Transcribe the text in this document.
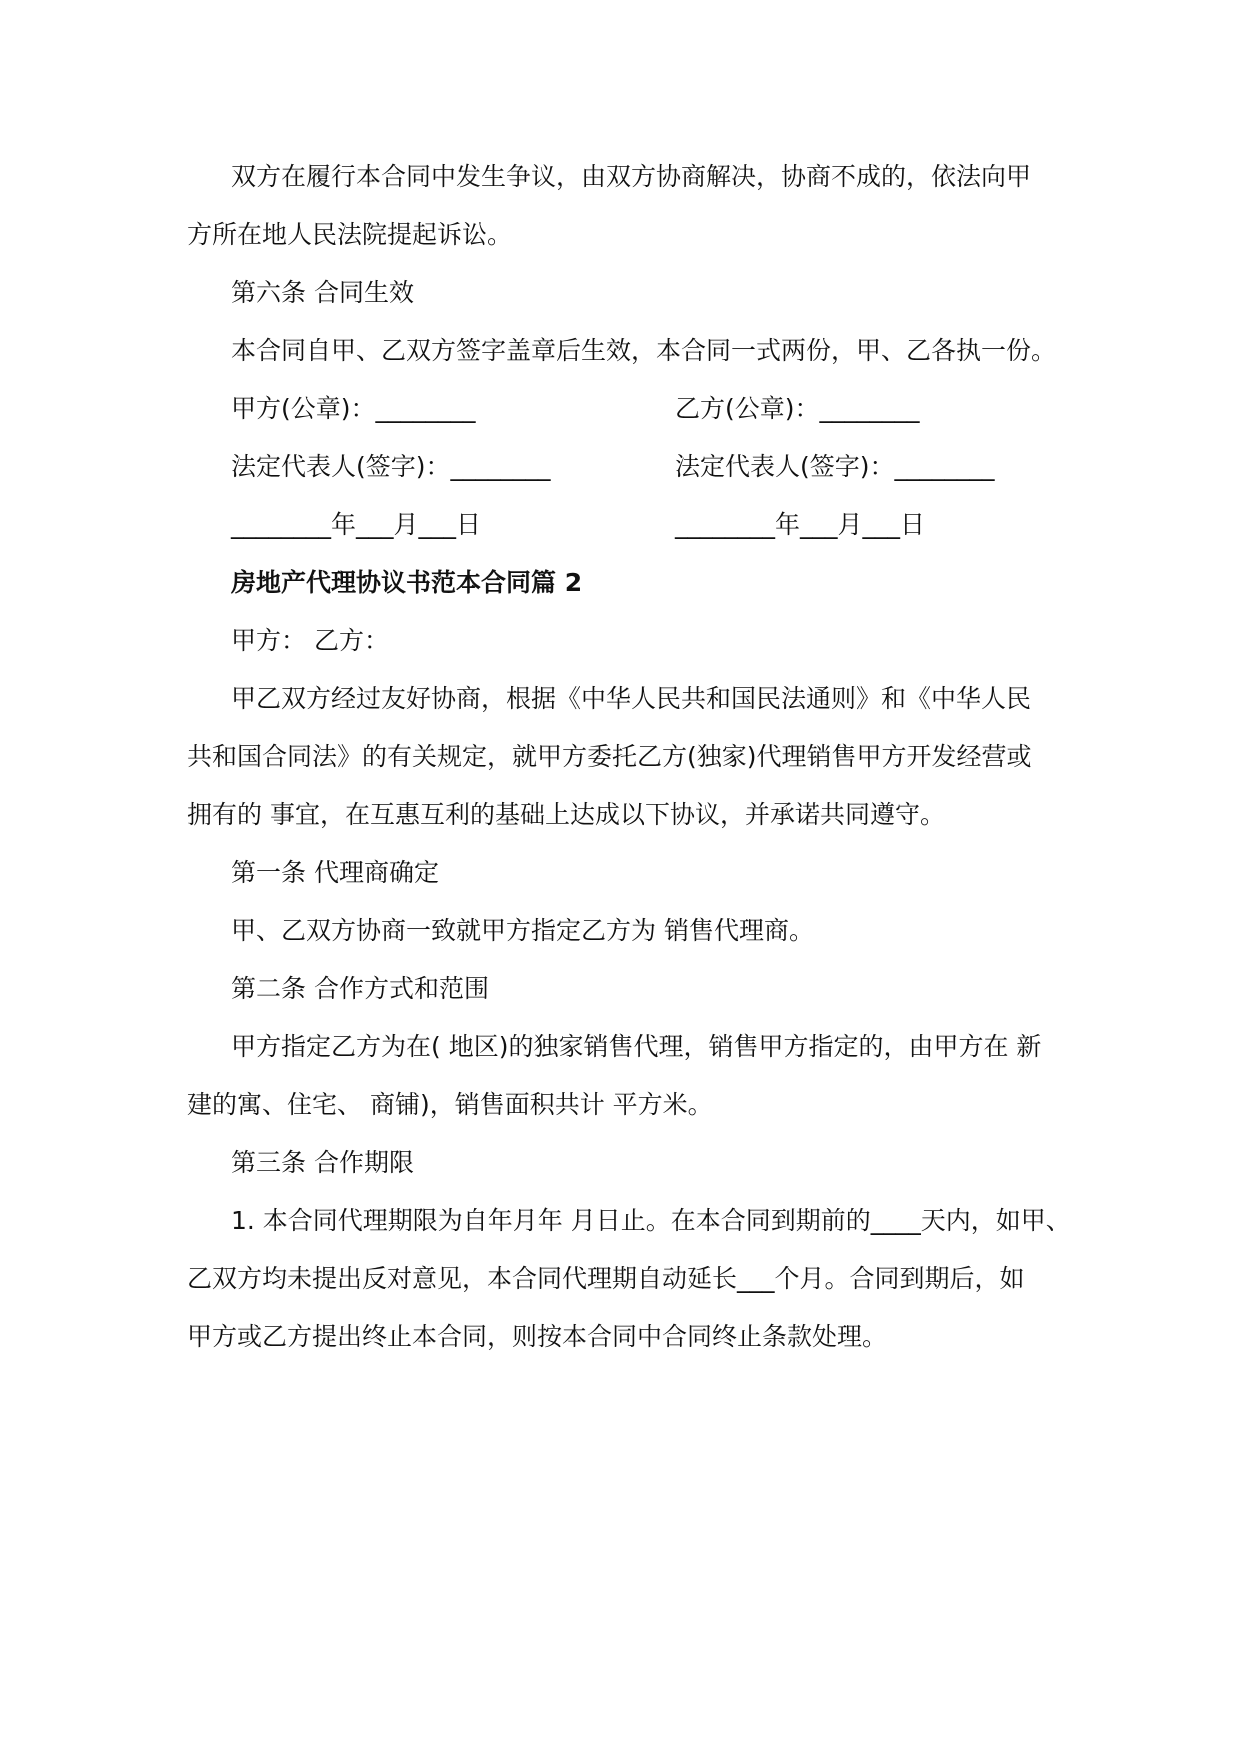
双方在履行本合同中发生争议，由双方协商解决，协商不成的，依法向甲
方所在地人民法院提起诉讼。
第六条 合同生效
本合同自甲、乙双方签字盖章后生效，本合同一式两份，甲、乙各执一份。
甲方(公章)：________	乙方(公章)：________
法定代表人(签字)：________	法定代表人(签字)：________
________年___月___日	________年___月___日
房地产代理协议书范本合同篇 2
甲方： 乙方：
甲乙双方经过友好协商，根据《中华人民共和国民法通则》和《中华人民
共和国合同法》的有关规定，就甲方委托乙方(独家)代理销售甲方开发经营或
拥有的 事宜，在互惠互利的基础上达成以下协议，并承诺共同遵守。
第一条 代理商确定
甲、乙双方协商一致就甲方指定乙方为 销售代理商。
第二条 合作方式和范围
甲方指定乙方为在( 地区)的独家销售代理，销售甲方指定的，由甲方在 新
建的寓、住宅、 商铺)，销售面积共计 平方米。
第三条 合作期限
1. 本合同代理期限为自年月年 月日止。在本合同到期前的____天内，如甲、
乙双方均未提出反对意见，本合同代理期自动延长___个月。合同到期后，如
甲方或乙方提出终止本合同，则按本合同中合同终止条款处理。
